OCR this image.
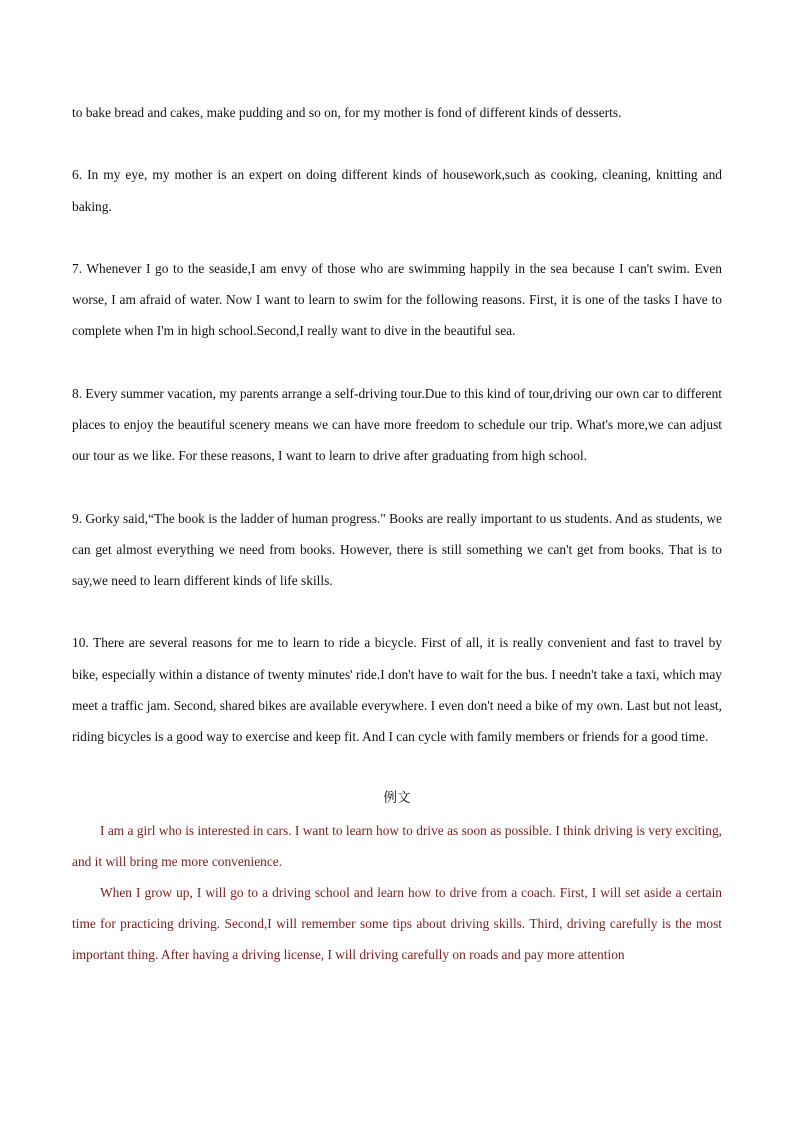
to bake bread and cakes, make pudding and so on, for my mother is fond of different kinds of desserts.

6. In my eye, my mother is an expert on doing different kinds of housework,such as cooking, cleaning, knitting and baking.

7. Whenever I go to the seaside,I am envy of those who are swimming happily in the sea because I can't swim. Even worse, I am afraid of water. Now I want to learn to swim for the following reasons. First, it is one of the tasks I have to complete when I'm in high school.Second,I really want to dive in the beautiful sea.

8. Every summer vacation, my parents arrange a self-driving tour.Due to this kind of tour,driving our own car to different places to enjoy the beautiful scenery means we can have more freedom to schedule our trip. What's more,we can adjust our tour as we like. For these reasons, I want to learn to drive after graduating from high school.

9. Gorky said,“The book is the ladder of human progress." Books are really important to us students. And as students, we can get almost everything we need from books. However, there is still something we can't get from books. That is to say,we need to learn different kinds of life skills.

10. There are several reasons for me to learn to ride a bicycle. First of all, it is really convenient and fast to travel by bike, especially within a distance of twenty minutes' ride.I don't have to wait for the bus. I needn't take a taxi, which may meet a traffic jam. Second, shared bikes are available everywhere. I even don't need a bike of my own. Last but not least, riding bicycles is a good way to exercise and keep fit. And I can cycle with family members or friends for a good time.

例文

I am a girl who is interested in cars. I want to learn how to drive as soon as possible. I think driving is very exciting, and it will bring me more convenience.

When I grow up, I will go to a driving school and learn how to drive from a coach. First, I will set aside a certain time for practicing driving. Second,I will remember some tips about driving skills. Third, driving carefully is the most important thing. After having a driving license, I will driving carefully on roads and pay more attention
